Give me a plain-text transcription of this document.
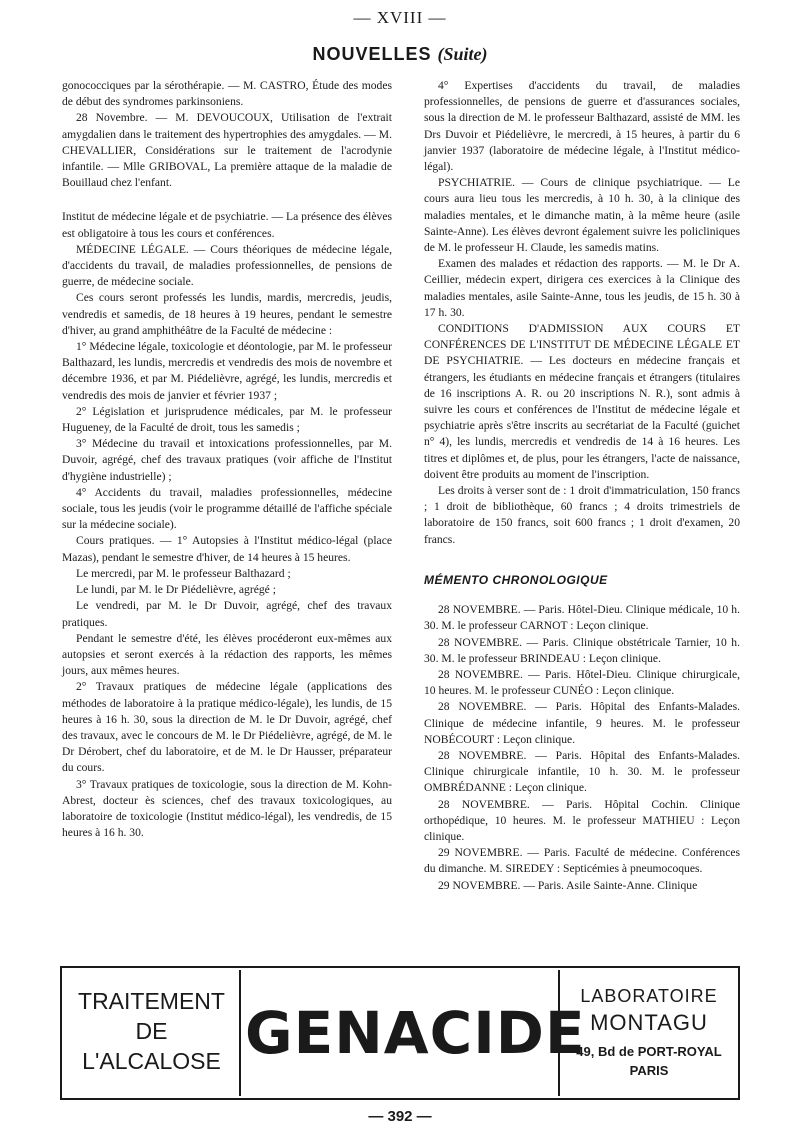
— XVIII —
NOUVELLES (Suite)

gonococciques par la sérothérapie. — M. CASTRO, Étude des modes de début des syndromes parkinsoniens.

28 Novembre. — M. DEVOUCOUX, Utilisation de l'extrait amygdalien dans le traitement des hypertrophies des amygdales. — M. CHEVALLIER, Considérations sur le traitement de l'acrodynie infantile. — Mlle GRIBOVAL, La première attaque de la maladie de Bouillaud chez l'enfant.

Institut de médecine légale et de psychiatrie. — La présence des élèves est obligatoire à tous les cours et conférences.

MÉDECINE LÉGALE. — Cours théoriques de médecine légale, d'accidents du travail, de maladies professionnelles, de pensions de guerre, de médecine sociale.

Ces cours seront professés les lundis, mardis, mercredis, jeudis, vendredis et samedis, de 18 heures à 19 heures, pendant le semestre d'hiver, au grand amphithéâtre de la Faculté de médecine :

1° Médecine légale, toxicologie et déontologie, par M. le professeur Balthazard, les lundis, mercredis et vendredis des mois de novembre et décembre 1936, et par M. Piédelièvre, agrégé, les lundis, mercredis et vendredis des mois de janvier et février 1937 ;

2° Législation et jurisprudence médicales, par M. le professeur Hugueney, de la Faculté de droit, tous les samedis ;

3° Médecine du travail et intoxications professionnelles, par M. Duvoir, agrégé, chef des travaux pratiques (voir affiche de l'Institut d'hygiène industrielle) ;

4° Accidents du travail, maladies professionnelles, médecine sociale, tous les jeudis (voir le programme détaillé de l'affiche spéciale sur la médecine sociale).

Cours pratiques. — 1° Autopsies à l'Institut médico-légal (place Mazas), pendant le semestre d'hiver, de 14 heures à 15 heures.

Le mercredi, par M. le professeur Balthazard ;

Le lundi, par M. le Dr Piédelièvre, agrégé ;

Le vendredi, par M. le Dr Duvoir, agrégé, chef des travaux pratiques.

Pendant le semestre d'été, les élèves procéderont eux-mêmes aux autopsies et seront exercés à la rédaction des rapports, les mêmes jours, aux mêmes heures.

2° Travaux pratiques de médecine légale (applications des méthodes de laboratoire à la pratique médico-légale), les lundis, de 15 heures à 16 h. 30, sous la direction de M. le Dr Duvoir, agrégé, chef des travaux, avec le concours de M. le Dr Piédelièvre, agrégé, de M. le Dr Dérobert, chef du laboratoire, et de M. le Dr Hausser, préparateur du cours.

3° Travaux pratiques de toxicologie, sous la direction de M. Kohn-Abrest, docteur ès sciences, chef des travaux toxicologiques, au laboratoire de toxicologie (Institut médico-légal), les vendredis, de 15 heures à 16 h. 30.

4° Expertises d'accidents du travail, de maladies professionnelles, de pensions de guerre et d'assurances sociales, sous la direction de M. le professeur Balthazard, assisté de MM. les Drs Duvoir et Piédelièvre, le mercredi, à 15 heures, à partir du 6 janvier 1937 (laboratoire de médecine légale, à l'Institut médico-légal).

PSYCHIATRIE. — Cours de clinique psychiatrique. — Le cours aura lieu tous les mercredis, à 10 h. 30, à la clinique des maladies mentales, et le dimanche matin, à la même heure (asile Sainte-Anne). Les élèves devront également suivre les policliniques de M. le professeur H. Claude, les samedis matins.

Examen des malades et rédaction des rapports. — M. le Dr A. Ceillier, médecin expert, dirigera ces exercices à la Clinique des maladies mentales, asile Sainte-Anne, tous les jeudis, de 15 h. 30 à 17 h. 30.

CONDITIONS D'ADMISSION AUX COURS ET CONFÉRENCES DE L'INSTITUT DE MÉDECINE LÉGALE ET DE PSYCHIATRIE. — Les docteurs en médecine français et étrangers, les étudiants en médecine français et étrangers (titulaires de 16 inscriptions A. R. ou 20 inscriptions N. R.), sont admis à suivre les cours et conférences de l'Institut de médecine légale et psychiatrie après s'être inscrits au secrétariat de la Faculté (guichet n° 4), les lundis, mercredis et vendredis de 14 à 16 heures. Les titres et diplômes et, de plus, pour les étrangers, l'acte de naissance, doivent être produits au moment de l'inscription.

Les droits à verser sont de : 1 droit d'immatriculation, 150 francs ; 1 droit de bibliothèque, 60 francs ; 4 droits trimestriels de laboratoire de 150 francs, soit 600 francs ; 1 droit d'examen, 20 francs.

MÉMENTO CHRONOLOGIQUE

28 NOVEMBRE. — Paris. Hôtel-Dieu. Clinique médicale, 10 h. 30. M. le professeur CARNOT : Leçon clinique.

28 NOVEMBRE. — Paris. Clinique obstétricale Tarnier, 10 h. 30. M. le professeur BRINDEAU : Leçon clinique.

28 NOVEMBRE. — Paris. Hôtel-Dieu. Clinique chirurgicale, 10 heures. M. le professeur CUNÉO : Leçon clinique.

28 NOVEMBRE. — Paris. Hôpital des Enfants-Malades. Clinique de médecine infantile, 9 heures. M. le professeur NOBÉCOURT : Leçon clinique.

28 NOVEMBRE. — Paris. Hôpital des Enfants-Malades. Clinique chirurgicale infantile, 10 h. 30. M. le professeur OMBRÉDANNE : Leçon clinique.

28 NOVEMBRE. — Paris. Hôpital Cochin. Clinique orthopédique, 10 heures. M. le professeur MATHIEU : Leçon clinique.

29 NOVEMBRE. — Paris. Faculté de médecine. Conférences du dimanche. M. SIREDEY : Septicémies à pneumocoques.

29 NOVEMBRE. — Paris. Asile Sainte-Anne. Clinique

TRAITEMENT
DE
L'ALCALOSE GENACIDE
LABORATOIRE
MONTAGU
49, Bd de PORT-ROYAL
PARIS
— 392 —
